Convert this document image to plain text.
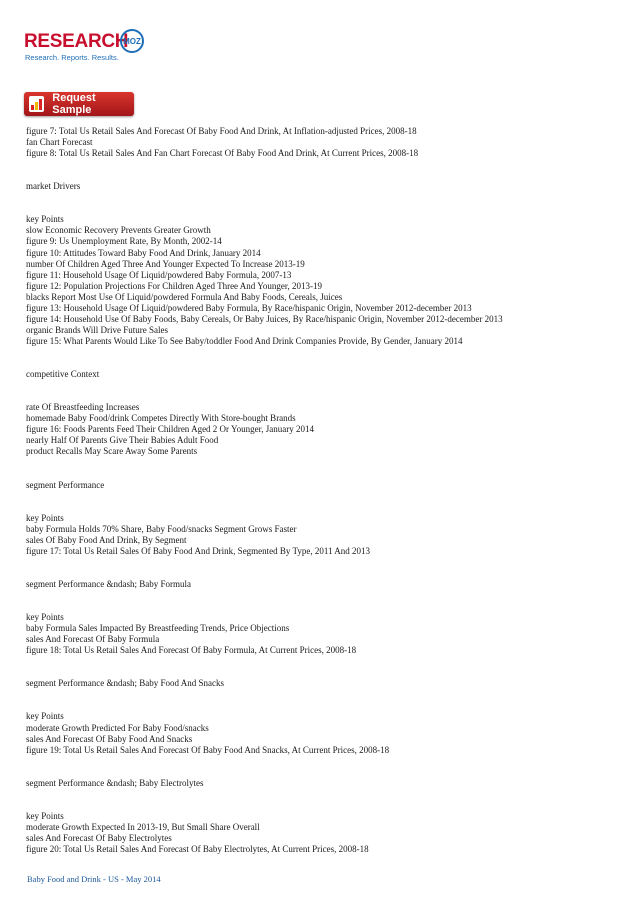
RESEARCH
MOZ
Research. Reports. Results.
Request Sample
figure 7: Total Us Retail Sales And Forecast Of Baby Food And Drink, At Inflation-adjusted Prices, 2008-18
fan Chart Forecast
figure 8: Total Us Retail Sales And Fan Chart Forecast Of Baby Food And Drink, At Current Prices, 2008-18
market Drivers
key Points
slow Economic Recovery Prevents Greater Growth
figure 9: Us Unemployment Rate, By Month, 2002-14
figure 10: Attitudes Toward Baby Food And Drink, January 2014
number Of Children Aged Three And Younger Expected To Increase 2013-19
figure 11: Household Usage Of Liquid/powdered Baby Formula, 2007-13
figure 12: Population Projections For Children Aged Three And Younger, 2013-19
blacks Report Most Use Of Liquid/powdered Formula And Baby Foods, Cereals, Juices
figure 13: Household Usage Of Liquid/powdered Baby Formula, By Race/hispanic Origin, November 2012-december 2013
figure 14: Household Use Of Baby Foods, Baby Cereals, Or Baby Juices, By Race/hispanic Origin, November 2012-december 2013
organic Brands Will Drive Future Sales
figure 15: What Parents Would Like To See Baby/toddler Food And Drink Companies Provide, By Gender, January 2014
competitive Context
rate Of Breastfeeding Increases
homemade Baby Food/drink Competes Directly With Store-bought Brands
figure 16: Foods Parents Feed Their Children Aged 2 Or Younger, January 2014
nearly Half Of Parents Give Their Babies Adult Food
product Recalls May Scare Away Some Parents
segment Performance
key Points
baby Formula Holds 70% Share, Baby Food/snacks Segment Grows Faster
sales Of Baby Food And Drink, By Segment
figure 17: Total Us Retail Sales Of Baby Food And Drink, Segmented By Type, 2011 And 2013
segment Performance &ndash; Baby Formula
key Points
baby Formula Sales Impacted By Breastfeeding Trends, Price Objections
sales And Forecast Of Baby Formula
figure 18: Total Us Retail Sales And Forecast Of Baby Formula, At Current Prices, 2008-18
segment Performance &ndash; Baby Food And Snacks
key Points
moderate Growth Predicted For Baby Food/snacks
sales And Forecast Of Baby Food And Snacks
figure 19: Total Us Retail Sales And Forecast Of Baby Food And Snacks, At Current Prices, 2008-18
segment Performance &ndash; Baby Electrolytes
key Points
moderate Growth Expected In 2013-19, But Small Share Overall
sales And Forecast Of Baby Electrolytes
figure 20: Total Us Retail Sales And Forecast Of Baby Electrolytes, At Current Prices, 2008-18
Baby Food and Drink - US - May 2014
